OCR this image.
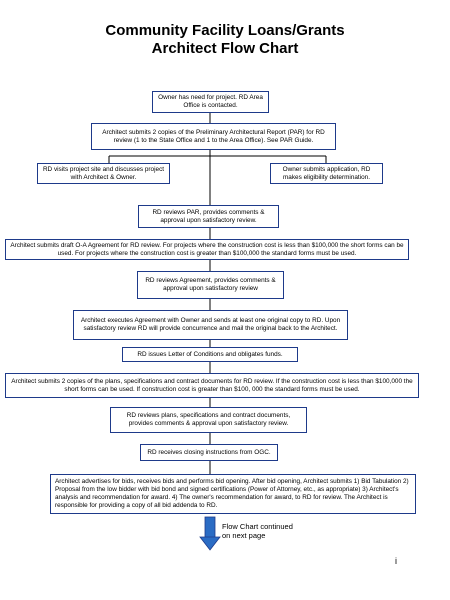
Community Facility Loans/Grants
Architect Flow Chart
Owner has need for project. RD Area Office is contacted.
Architect submits 2 copies of the Preliminary Architectural Report (PAR) for RD review (1 to the State Office and 1 to the Area Office). See PAR Guide.
RD visits project site and discusses project with Architect & Owner.
Owner submits application, RD makes eligibility determination.
RD reviews PAR, provides comments & approval upon satisfactory review.
Architect submits draft O-A Agreement for RD review. For projects where the construction cost is less than $100,000 the short forms can be used. For projects where the construction cost is greater than $100,000 the standard forms must be used.
RD reviews Agreement, provides comments & approval upon satisfactory review
Architect executes Agreement with Owner and sends at least one original copy to RD. Upon satisfactory review RD will provide concurrence and mail the original back to the Architect.
RD issues Letter of Conditions and obligates funds.
Architect submits 2 copies of the plans, specifications and contract documents for RD review. If the construction cost is less than $100,000 the short forms can be used. If construction cost is greater than $100, 000 the standard forms must be used.
RD reviews plans, specifications and contract documents, provides comments & approval upon satisfactory review.
RD receives closing instructions from OGC.
Architect advertises for bids, receives bids and performs bid opening. After bid opening, Architect submits 1) Bid Tabulation 2) Proposal from the low bidder with bid bond and signed certifications (Power of Attorney, etc., as appropriate) 3) Architect's analysis and recommendation for award. 4) The owner's recommendation for award, to RD for review. The Architect is responsible for providing a copy of all bid addenda to RD.
Flow Chart continued on next page
i
